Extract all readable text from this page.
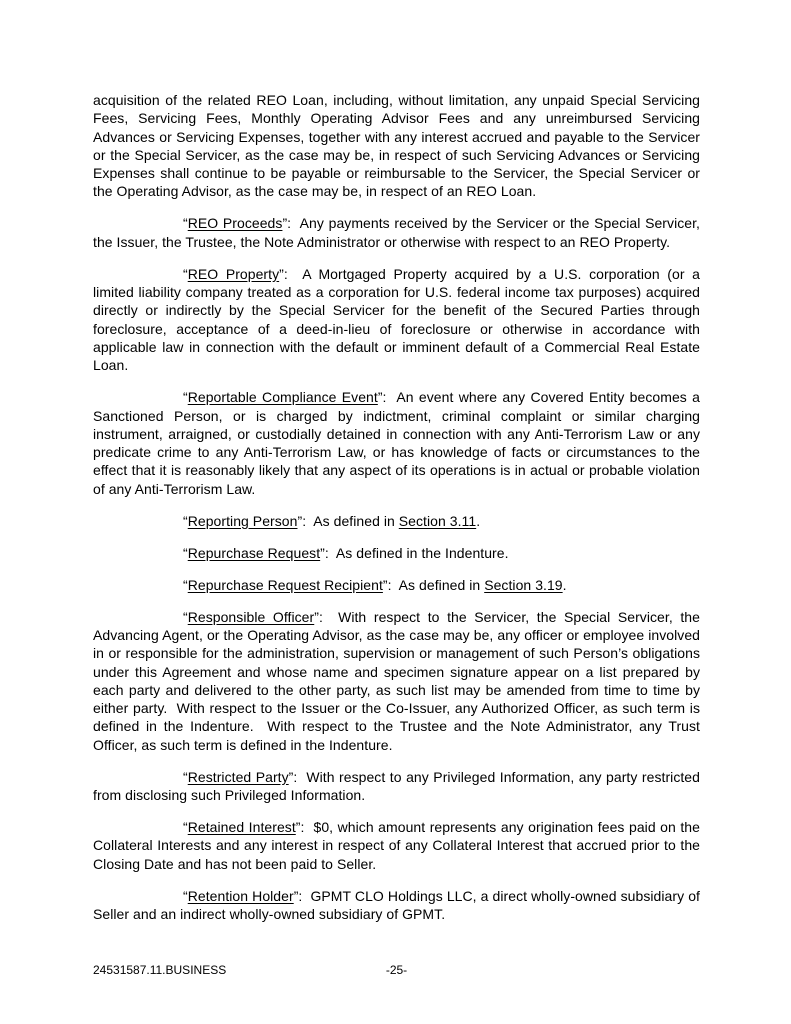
acquisition of the related REO Loan, including, without limitation, any unpaid Special Servicing Fees, Servicing Fees, Monthly Operating Advisor Fees and any unreimbursed Servicing Advances or Servicing Expenses, together with any interest accrued and payable to the Servicer or the Special Servicer, as the case may be, in respect of such Servicing Advances or Servicing Expenses shall continue to be payable or reimbursable to the Servicer, the Special Servicer or the Operating Advisor, as the case may be, in respect of an REO Loan.

“REO Proceeds”:  Any payments received by the Servicer or the Special Servicer, the Issuer, the Trustee, the Note Administrator or otherwise with respect to an REO Property.

“REO Property”:  A Mortgaged Property acquired by a U.S. corporation (or a limited liability company treated as a corporation for U.S. federal income tax purposes) acquired directly or indirectly by the Special Servicer for the benefit of the Secured Parties through foreclosure, acceptance of a deed-in-lieu of foreclosure or otherwise in accordance with applicable law in connection with the default or imminent default of a Commercial Real Estate Loan.

“Reportable Compliance Event”:  An event where any Covered Entity becomes a Sanctioned Person, or is charged by indictment, criminal complaint or similar charging instrument, arraigned, or custodially detained in connection with any Anti-Terrorism Law or any predicate crime to any Anti-Terrorism Law, or has knowledge of facts or circumstances to the effect that it is reasonably likely that any aspect of its operations is in actual or probable violation of any Anti-Terrorism Law.

“Reporting Person”:  As defined in Section 3.11.

“Repurchase Request”:  As defined in the Indenture.

“Repurchase Request Recipient”:  As defined in Section 3.19.

“Responsible Officer”:  With respect to the Servicer, the Special Servicer, the Advancing Agent, or the Operating Advisor, as the case may be, any officer or employee involved in or responsible for the administration, supervision or management of such Person’s obligations under this Agreement and whose name and specimen signature appear on a list prepared by each party and delivered to the other party, as such list may be amended from time to time by either party.  With respect to the Issuer or the Co-Issuer, any Authorized Officer, as such term is defined in the Indenture.  With respect to the Trustee and the Note Administrator, any Trust Officer, as such term is defined in the Indenture.

“Restricted Party”:  With respect to any Privileged Information, any party restricted from disclosing such Privileged Information.

“Retained Interest”:  $0, which amount represents any origination fees paid on the Collateral Interests and any interest in respect of any Collateral Interest that accrued prior to the Closing Date and has not been paid to Seller.

“Retention Holder”:  GPMT CLO Holdings LLC, a direct wholly-owned subsidiary of Seller and an indirect wholly-owned subsidiary of GPMT.

24531587.11.BUSINESS	-25-
